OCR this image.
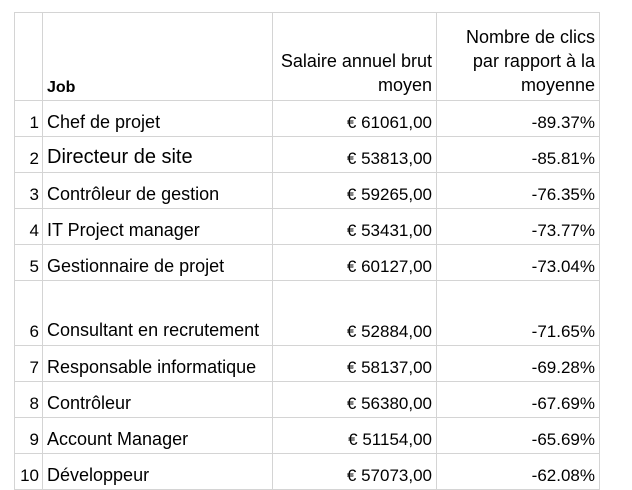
	Job	Salaire annuel brut moyen	Nombre de clics par rapport à la moyenne
1	Chef de projet	€ 61061,00	-89.37%
2	Directeur de site	€ 53813,00	-85.81%
3	Contrôleur de gestion	€ 59265,00	-76.35%
4	IT Project manager	€ 53431,00	-73.77%
5	Gestionnaire de projet	€ 60127,00	-73.04%
6	Consultant en recrutement	€ 52884,00	-71.65%
7	Responsable informatique	€ 58137,00	-69.28%
8	Contrôleur	€ 56380,00	-67.69%
9	Account Manager	€ 51154,00	-65.69%
10	Développeur	€ 57073,00	-62.08%
